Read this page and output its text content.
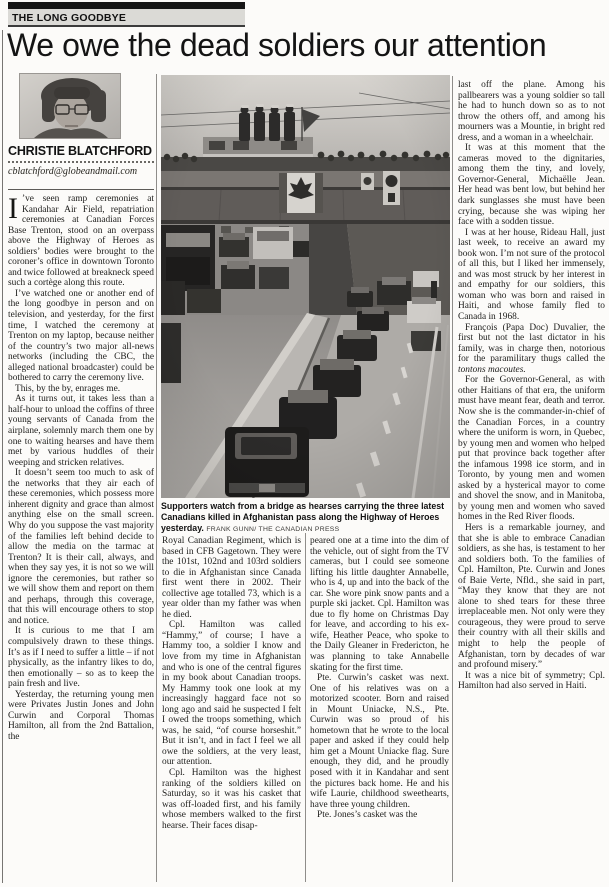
THE LONG GOODBYE
We owe the dead soldiers our attention
CHRISTIE BLATCHFORD
cblatchford@globeandmail.com

I ’ve seen ramp ceremonies at Kandahar Air Field, repatriation ceremonies at Canadian Forces Base Trenton, stood on an overpass above the Highway of Heroes as soldiers’ bodies were brought to the coroner’s office in downtown Toronto and twice followed at breakneck speed such a cortège along this route.

I’ve watched one or another end of the long goodbye in person and on television, and yesterday, for the first time, I watched the ceremony at Trenton on my laptop, because neither of the country’s two major all-news networks (including the CBC, the alleged national broadcaster) could be bothered to carry the ceremony live.

This, by the by, enrages me.

As it turns out, it takes less than a half-hour to unload the coffins of three young servants of Canada from the airplane, solemnly march them one by one to waiting hearses and have them met by various huddles of their weeping and stricken relatives.

It doesn’t seem too much to ask of the networks that they air each of these ceremonies, which possess more inherent dignity and grace than almost anything else on the small screen. Why do you suppose the vast majority of the families left behind decide to allow the media on the tarmac at Trenton? It is their call, always, and when they say yes, it is not so we will ignore the ceremonies, but rather so we will show them and report on them and perhaps, through this coverage, that this will encourage others to stop and notice.

It is curious to me that I am compulsively drawn to these things. It’s as if I need to suffer a little – if not physically, as the infantry likes to do, then emotionally – so as to keep the pain fresh and live.

Yesterday, the returning young men were Privates Justin Jones and John Curwin and Corporal Thomas Hamilton, all from the 2nd Battalion, the

Supporters watch from a bridge as hearses carrying the three latest Canadians killed in Afghanistan pass along the Highway of Heroes yesterday. FRANK GUNN/ THE CANADIAN PRESS

Royal Canadian Regiment, which is based in CFB Gagetown. They were the 101st, 102nd and 103rd soldiers to die in Afghanistan since Canada first went there in 2002. Their collective age totalled 73, which is a year older than my father was when he died.

Cpl. Hamilton was called “Hammy,” of course; I have a Hammy too, a soldier I know and love from my time in Afghanistan and who is one of the central figures in my book about Canadian troops. My Hammy took one look at my increasingly haggard face not so long ago and said he suspected I felt I owed the troops something, which was, he said, “of course horseshit.” But it isn’t, and in fact I feel we all owe the soldiers, at the very least, our attention.

Cpl. Hamilton was the highest ranking of the soldiers killed on Saturday, so it was his casket that was off-loaded first, and his family whose members walked to the first hearse. Their faces disap-

peared one at a time into the dim of the vehicle, out of sight from the TV cameras, but I could see someone lifting his little daughter Annabelle, who is 4, up and into the back of the car. She wore pink snow pants and a purple ski jacket. Cpl. Hamilton was due to fly home on Christmas Day for leave, and according to his ex-wife, Heather Peace, who spoke to the Daily Gleaner in Fredericton, he was planning to take Annabelle skating for the first time.

Pte. Curwin’s casket was next. One of his relatives was on a motorized scooter. Born and raised in Mount Uniacke, N.S., Pte. Curwin was so proud of his hometown that he wrote to the local paper and asked if they could help him get a Mount Uniacke flag. Sure enough, they did, and he proudly posed with it in Kandahar and sent the pictures back home. He and his wife Laurie, childhood sweethearts, have three young children.

Pte. Jones’s casket was the

last off the plane. Among his pallbearers was a young soldier so tall he had to hunch down so as to not throw the others off, and among his mourners was a Mountie, in bright red dress, and a woman in a wheelchair.

It was at this moment that the cameras moved to the dignitaries, among them the tiny, and lovely, Governor-General, Michaëlle Jean. Her head was bent low, but behind her dark sunglasses she must have been crying, because she was wiping her face with a sodden tissue.

I was at her house, Rideau Hall, just last week, to receive an award my book won. I’m not sure of the protocol of all this, but I liked her immensely, and was most struck by her interest in and empathy for our soldiers, this woman who was born and raised in Haiti, and whose family fled to Canada in 1968.

François (Papa Doc) Duvalier, the first but not the last dictator in his family, was in charge then, notorious for the paramilitary thugs called the tontons macoutes.

For the Governor-General, as with other Haitians of that era, the uniform must have meant fear, death and terror. Now she is the commander-in-chief of the Canadian Forces, in a country where the uniform is worn, in Quebec, by young men and women who helped put that province back together after the infamous 1998 ice storm, and in Toronto, by young men and women asked by a hysterical mayor to come and shovel the snow, and in Manitoba, by young men and women who saved homes in the Red River floods.

Hers is a remarkable journey, and that she is able to embrace Canadian soldiers, as she has, is testament to her and soldiers both. To the families of Cpl. Hamilton, Pte. Curwin and Jones of Baie Verte, Nfld., she said in part, “May they know that they are not alone to shed tears for these three irreplaceable men. Not only were they courageous, they were proud to serve their country with all their skills and might to help the people of Afghanistan, torn by decades of war and profound misery.”

It was a nice bit of symmetry; Cpl. Hamilton had also served in Haiti.
